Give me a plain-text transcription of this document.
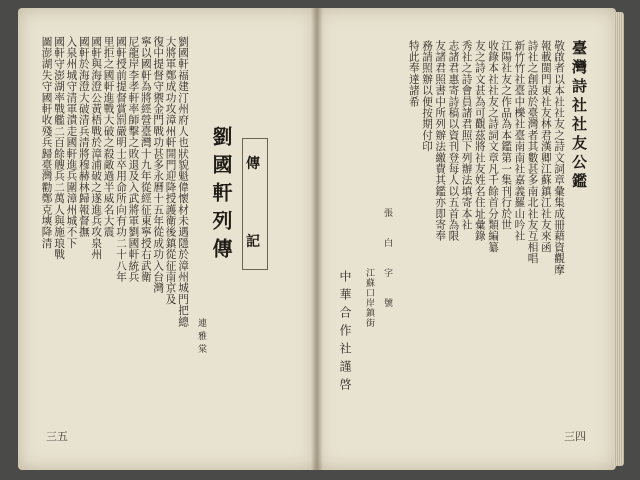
劉國軒福建汀州府人也狀貌魁偉懷材未遇隱於漳州城門把總
大將軍鄭成功攻漳州軒開門迎降授護衛後鎮從征南京及
復中提督守禦金門戰功甚多永曆十五年從成功入台灣
寧以國軒為將經營臺灣十九年從經征東寧授右武衛
尼龍岸李孝軒率師擊之敗退及入武將軍劉國軒統兵
國軒授前提督賞罰嚴明士卒用命所向有功二十八年
里拒之國軒進戰大破之殺敵過半威名大震
國軒與海澄公黃梧戰於漳浦破之遂進兵攻泉州
國軒於海澄大破清兵清將穆赫林歸報督撫
入泉州城守清軍潰走國軒進兵圍漳州城不下
國軒守澎湖率戰艦二百餘艘兵二萬人與施琅戰
圖澎湖失守國軒收殘兵歸臺灣勸鄭克塽降清	傳
記
劉國軒列傳
連雅棠
三五
臺灣詩社社友公鑑
敬啟者以本社社友之詩文詞章彙集成冊藉資觀摩
報載閩門東社友林君漢卿江蘇鎮江社友來函
詩社之創設於臺灣者其數甚多南北社友互相唱
新竹竹社臺中櫟社臺南南社嘉義羅山吟社
江陽社友之作品為本鑑第一集刊行於世
收錄本社社友之詩詞文章凡千餘首分類編纂
友之詩文甚為可觀茲將社友姓名住址彙錄
秀社之詩會員諸君照下列辦法填寄本社
志諸君惠寄詩稿以資刊登每人以五首為限
友諸君照書中所列辦法繳費其鑑亦即寄奉
務請照辦以便按期付印
特此奉達諸希
張　白　字　號
江蘇口岸鎮街
中華合作社謹啓
三四
